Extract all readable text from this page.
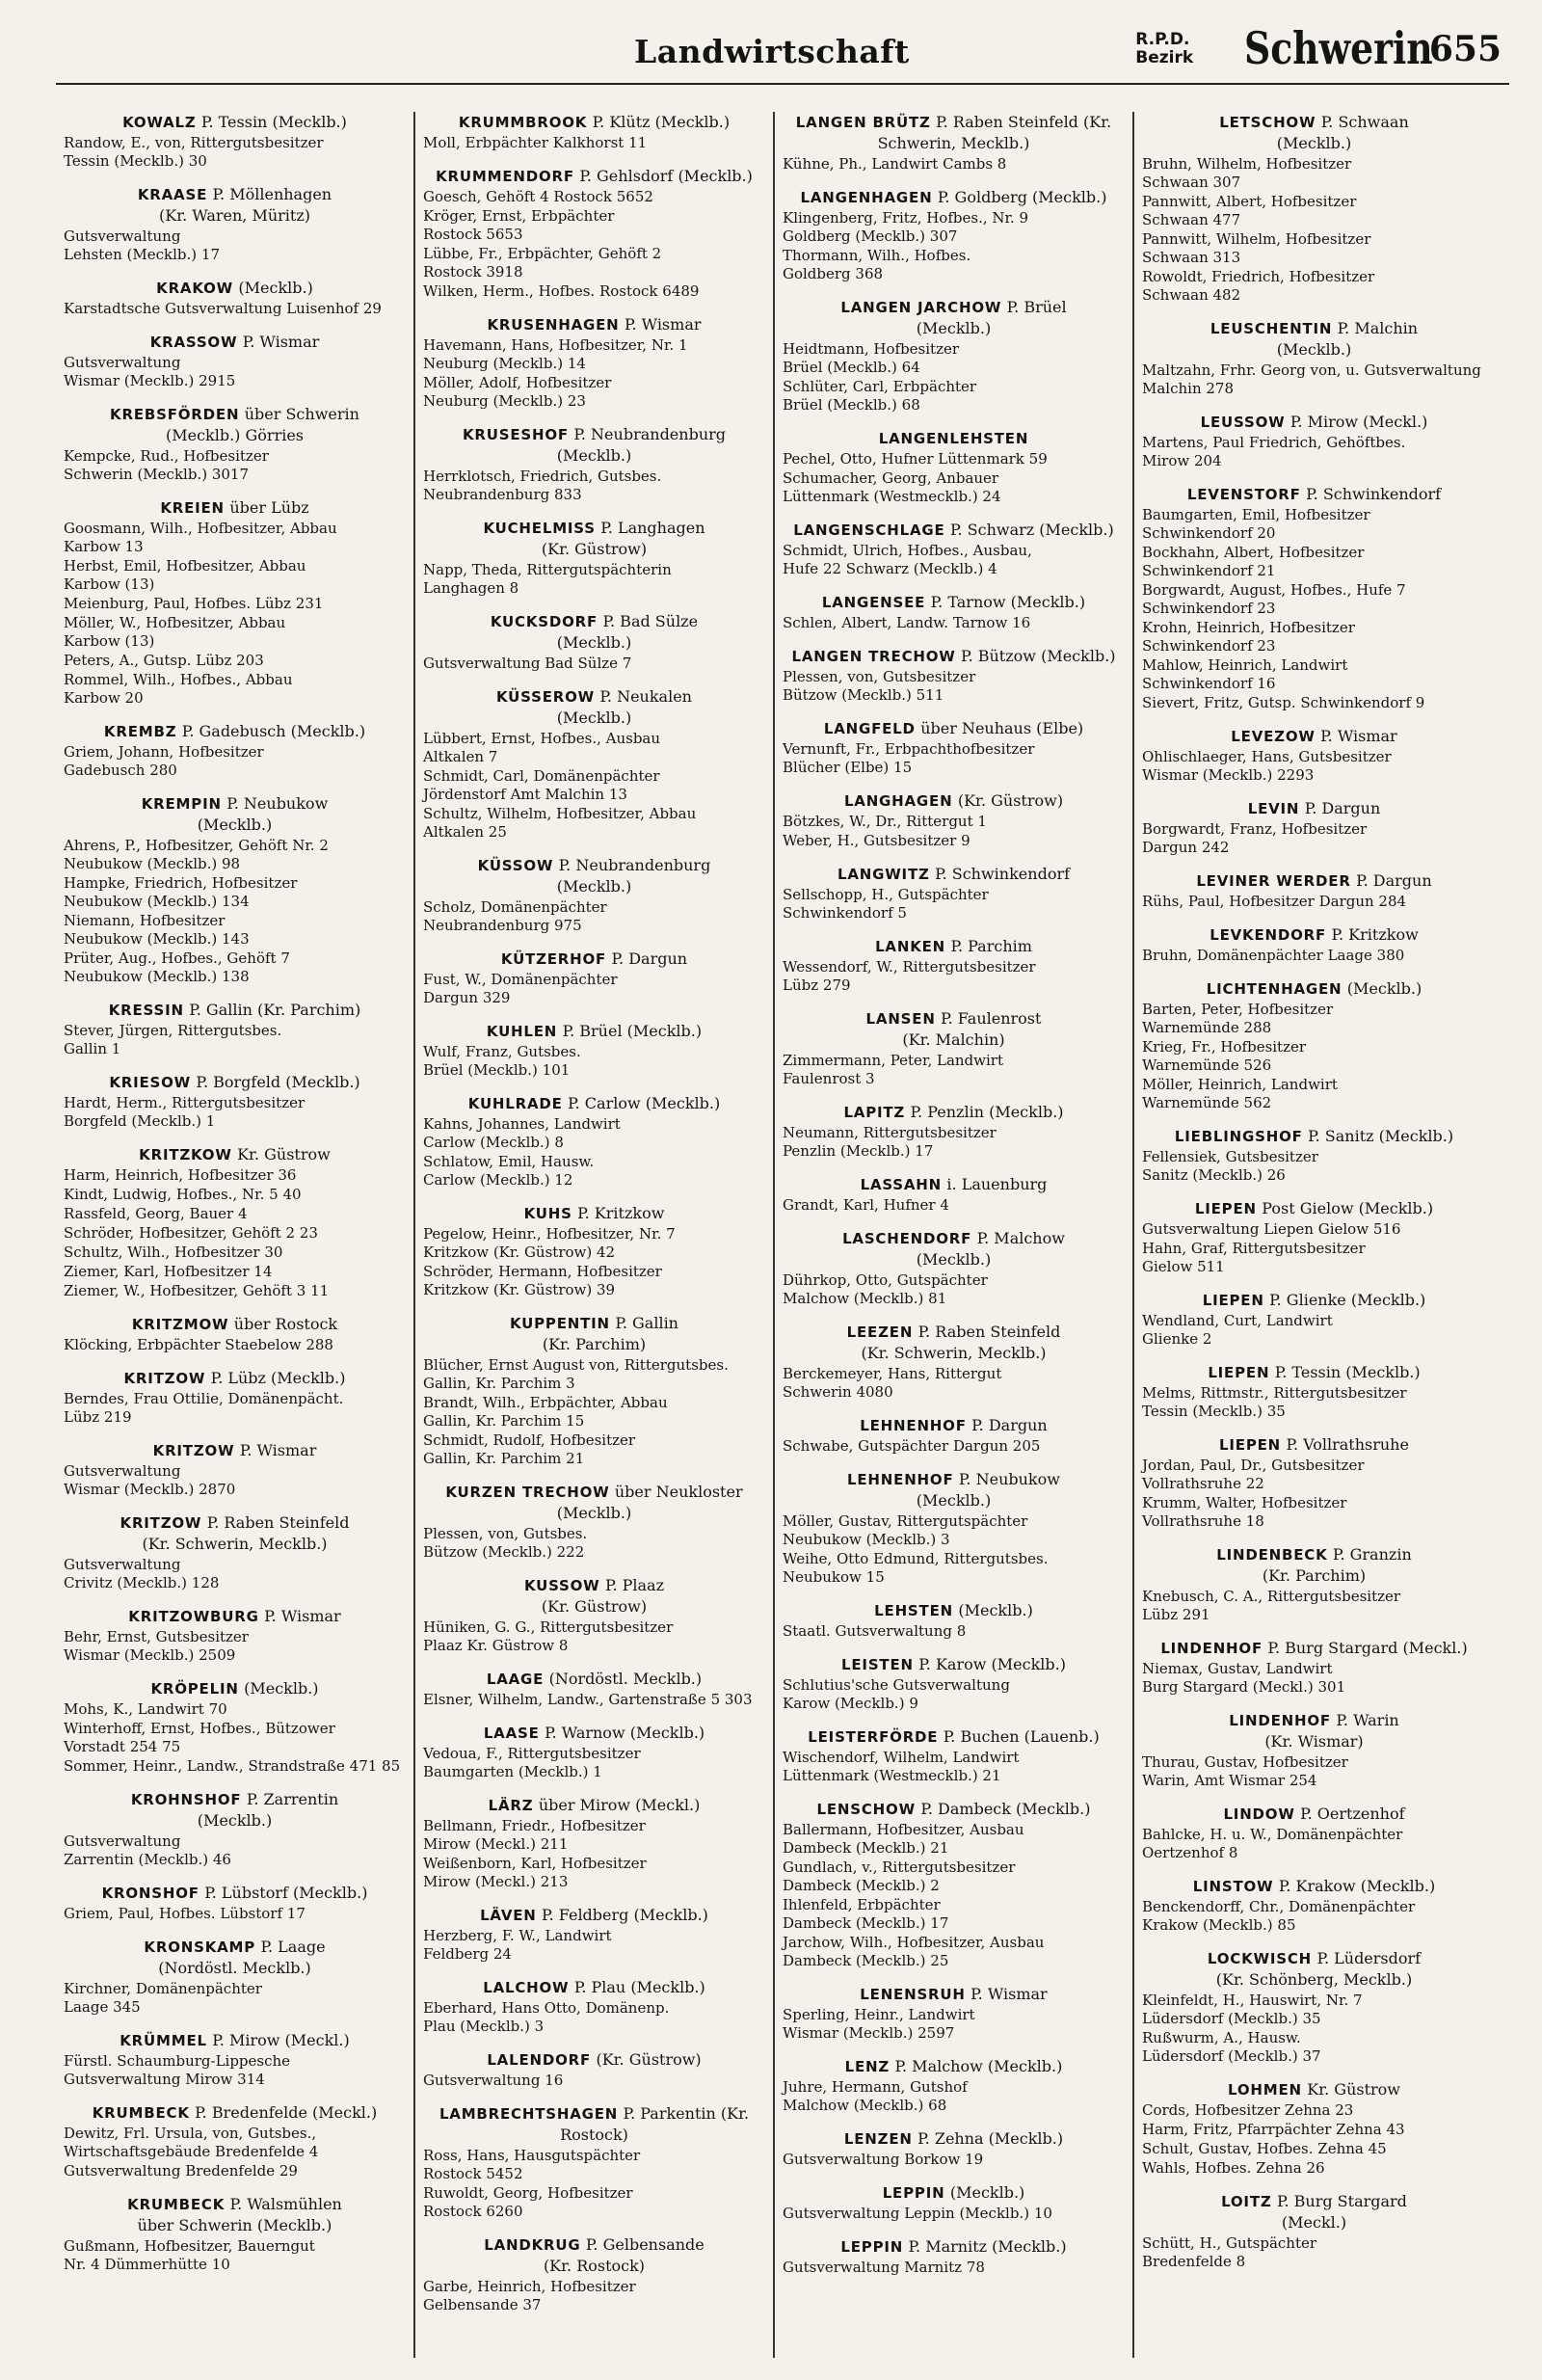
Landwirtschaft	R.P.D.
Bezirk Schwerin
655
KOWALZ P. Tessin (Mecklb.)
Randow, E., von, Rittergutsbesitzer
Tessin (Mecklb.) 30
KRAASE P. Möllenhagen
(Kr. Waren, Müritz)
Gutsverwaltung
Lehsten (Mecklb.) 17
KRAKOW (Mecklb.)
Karstadtsche Gutsverwaltung Luisenhof 29
KRASSOW P. Wismar
Gutsverwaltung
Wismar (Mecklb.) 2915
KREBSFÖRDEN über Schwerin
(Mecklb.) Görries
Kempcke, Rud., Hofbesitzer
Schwerin (Mecklb.) 3017
KREIEN über Lübz
Goosmann, Wilh., Hofbesitzer, Abbau
Karbow 13
Herbst, Emil, Hofbesitzer, Abbau
Karbow (13)
Meienburg, Paul, Hofbes. Lübz 231
Möller, W., Hofbesitzer, Abbau
Karbow (13)
Peters, A., Gutsp. Lübz 203
Rommel, Wilh., Hofbes., Abbau
Karbow 20
KREMBZ P. Gadebusch (Mecklb.)
Griem, Johann, Hofbesitzer
Gadebusch 280
KREMPIN P. Neubukow
(Mecklb.)
Ahrens, P., Hofbesitzer, Gehöft Nr. 2
Neubukow (Mecklb.) 98
Hampke, Friedrich, Hofbesitzer
Neubukow (Mecklb.) 134
Niemann, Hofbesitzer
Neubukow (Mecklb.) 143
Prüter, Aug., Hofbes., Gehöft 7
Neubukow (Mecklb.) 138
KRESSIN P. Gallin (Kr. Parchim)
Stever, Jürgen, Rittergutsbes.
Gallin 1
KRIESOW P. Borgfeld (Mecklb.)
Hardt, Herm., Rittergutsbesitzer
Borgfeld (Mecklb.) 1
KRITZKOW Kr. Güstrow
Harm, Heinrich, Hofbesitzer 36
Kindt, Ludwig, Hofbes., Nr. 5 40
Rassfeld, Georg, Bauer 4
Schröder, Hofbesitzer, Gehöft 2 23
Schultz, Wilh., Hofbesitzer 30
Ziemer, Karl, Hofbesitzer 14
Ziemer, W., Hofbesitzer, Gehöft 3 11
KRITZMOW über Rostock
Klöcking, Erbpächter Staebelow 288
KRITZOW P. Lübz (Mecklb.)
Berndes, Frau Ottilie, Domänenpächt.
Lübz 219
KRITZOW P. Wismar
Gutsverwaltung
Wismar (Mecklb.) 2870
KRITZOW P. Raben Steinfeld
(Kr. Schwerin, Mecklb.)
Gutsverwaltung
Crivitz (Mecklb.) 128
KRITZOWBURG P. Wismar
Behr, Ernst, Gutsbesitzer
Wismar (Mecklb.) 2509
KRÖPELIN (Mecklb.)
Mohs, K., Landwirt 70
Winterhoff, Ernst, Hofbes., Bützower
Vorstadt 254 75
Sommer, Heinr., Landw., Strandstraße 471 85
KROHNSHOF P. Zarrentin
(Mecklb.)
Gutsverwaltung
Zarrentin (Mecklb.) 46
KRONSHOF P. Lübstorf (Mecklb.)
Griem, Paul, Hofbes. Lübstorf 17
KRONSKAMP P. Laage
(Nordöstl. Mecklb.)
Kirchner, Domänenpächter
Laage 345
KRÜMMEL P. Mirow (Meckl.)
Fürstl. Schaumburg-Lippesche Gutsverwaltung Mirow 314
KRUMBECK P. Bredenfelde (Meckl.)
Dewitz, Frl. Ursula, von, Gutsbes., Wirtschaftsgebäude Bredenfelde 4
Gutsverwaltung Bredenfelde 29
KRUMBECK P. Walsmühlen
über Schwerin (Mecklb.)
Gußmann, Hofbesitzer, Bauerngut
Nr. 4 Dümmerhütte 10
KRUMMBROOK P. Klütz (Mecklb.)
Moll, Erbpächter Kalkhorst 11
KRUMMENDORF P. Gehlsdorf (Mecklb.)
Goesch, Gehöft 4 Rostock 5652
Kröger, Ernst, Erbpächter
Rostock 5653
Lübbe, Fr., Erbpächter, Gehöft 2
Rostock 3918
Wilken, Herm., Hofbes. Rostock 6489
KRUSENHAGEN P. Wismar
Havemann, Hans, Hofbesitzer, Nr. 1
Neuburg (Mecklb.) 14
Möller, Adolf, Hofbesitzer
Neuburg (Mecklb.) 23
KRUSESHOF P. Neubrandenburg (Mecklb.)
Herrklotsch, Friedrich, Gutsbes.
Neubrandenburg 833
KUCHELMISS P. Langhagen
(Kr. Güstrow)
Napp, Theda, Rittergutspächterin
Langhagen 8
KUCKSDORF P. Bad Sülze
(Mecklb.)
Gutsverwaltung Bad Sülze 7
KÜSSEROW P. Neukalen
(Mecklb.)
Lübbert, Ernst, Hofbes., Ausbau
Altkalen 7
Schmidt, Carl, Domänenpächter
Jördenstorf Amt Malchin 13
Schultz, Wilhelm, Hofbesitzer, Abbau
Altkalen 25
KÜSSOW P. Neubrandenburg
(Mecklb.)
Scholz, Domänenpächter
Neubrandenburg 975
KÜTZERHOF P. Dargun
Fust, W., Domänenpächter
Dargun 329
KUHLEN P. Brüel (Mecklb.)
Wulf, Franz, Gutsbes.
Brüel (Mecklb.) 101
KUHLRADE P. Carlow (Mecklb.)
Kahns, Johannes, Landwirt
Carlow (Mecklb.) 8
Schlatow, Emil, Hausw.
Carlow (Mecklb.) 12
KUHS P. Kritzkow
Pegelow, Heinr., Hofbesitzer, Nr. 7
Kritzkow (Kr. Güstrow) 42
Schröder, Hermann, Hofbesitzer
Kritzkow (Kr. Güstrow) 39
KUPPENTIN P. Gallin
(Kr. Parchim)
Blücher, Ernst August von, Rittergutsbes. Gallin, Kr. Parchim 3
Brandt, Wilh., Erbpächter, Abbau
Gallin, Kr. Parchim 15
Schmidt, Rudolf, Hofbesitzer
Gallin, Kr. Parchim 21
KURZEN TRECHOW über Neukloster (Mecklb.)
Plessen, von, Gutsbes.
Bützow (Mecklb.) 222
KUSSOW P. Plaaz
(Kr. Güstrow)
Hüniken, G. G., Rittergutsbesitzer
Plaaz Kr. Güstrow 8
LAAGE (Nordöstl. Mecklb.)
Elsner, Wilhelm, Landw., Gartenstraße 5 303
LAASE P. Warnow (Mecklb.)
Vedoua, F., Rittergutsbesitzer
Baumgarten (Mecklb.) 1
LÄRZ über Mirow (Meckl.)
Bellmann, Friedr., Hofbesitzer
Mirow (Meckl.) 211
Weißenborn, Karl, Hofbesitzer
Mirow (Meckl.) 213
LÄVEN P. Feldberg (Mecklb.)
Herzberg, F. W., Landwirt
Feldberg 24
LALCHOW P. Plau (Mecklb.)
Eberhard, Hans Otto, Domänenp.
Plau (Mecklb.) 3
LALENDORF (Kr. Güstrow)
Gutsverwaltung 16
LAMBRECHTSHAGEN P. Parkentin (Kr. Rostock)
Ross, Hans, Hausgutspächter
Rostock 5452
Ruwoldt, Georg, Hofbesitzer
Rostock 6260
LANDKRUG P. Gelbensande
(Kr. Rostock)
Garbe, Heinrich, Hofbesitzer
Gelbensande 37
LANGEN BRÜTZ P. Raben Steinfeld (Kr. Schwerin, Mecklb.)
Kühne, Ph., Landwirt Cambs 8
LANGENHAGEN P. Goldberg (Mecklb.)
Klingenberg, Fritz, Hofbes., Nr. 9
Goldberg (Mecklb.) 307
Thormann, Wilh., Hofbes.
Goldberg 368
LANGEN JARCHOW P. Brüel
(Mecklb.)
Heidtmann, Hofbesitzer
Brüel (Mecklb.) 64
Schlüter, Carl, Erbpächter
Brüel (Mecklb.) 68
LANGENLEHSTEN
Pechel, Otto, Hufner Lüttenmark 59
Schumacher, Georg, Anbauer
Lüttenmark (Westmecklb.) 24
LANGENSCHLAGE P. Schwarz (Mecklb.)
Schmidt, Ulrich, Hofbes., Ausbau,
Hufe 22 Schwarz (Mecklb.) 4
LANGENSEE P. Tarnow (Mecklb.)
Schlen, Albert, Landw. Tarnow 16
LANGEN TRECHOW P. Bützow (Mecklb.)
Plessen, von, Gutsbesitzer
Bützow (Mecklb.) 511
LANGFELD über Neuhaus (Elbe)
Vernunft, Fr., Erbpachthofbesitzer
Blücher (Elbe) 15
LANGHAGEN (Kr. Güstrow)
Bötzkes, W., Dr., Rittergut 1
Weber, H., Gutsbesitzer 9
LANGWITZ P. Schwinkendorf
Sellschopp, H., Gutspächter
Schwinkendorf 5
LANKEN P. Parchim
Wessendorf, W., Rittergutsbesitzer
Lübz 279
LANSEN P. Faulenrost
(Kr. Malchin)
Zimmermann, Peter, Landwirt
Faulenrost 3
LAPITZ P. Penzlin (Mecklb.)
Neumann, Rittergutsbesitzer
Penzlin (Mecklb.) 17
LASSAHN i. Lauenburg
Grandt, Karl, Hufner 4
LASCHENDORF P. Malchow
(Mecklb.)
Dührkop, Otto, Gutspächter
Malchow (Mecklb.) 81
LEEZEN P. Raben Steinfeld
(Kr. Schwerin, Mecklb.)
Berckemeyer, Hans, Rittergut
Schwerin 4080
LEHNENHOF P. Dargun
Schwabe, Gutspächter Dargun 205
LEHNENHOF P. Neubukow
(Mecklb.)
Möller, Gustav, Rittergutspächter
Neubukow (Mecklb.) 3
Weihe, Otto Edmund, Rittergutsbes.
Neubukow 15
LEHSTEN (Mecklb.)
Staatl. Gutsverwaltung 8
LEISTEN P. Karow (Mecklb.)
Schlutius'sche Gutsverwaltung
Karow (Mecklb.) 9
LEISTERFÖRDE P. Buchen (Lauenb.)
Wischendorf, Wilhelm, Landwirt
Lüttenmark (Westmecklb.) 21
LENSCHOW P. Dambeck (Mecklb.)
Ballermann, Hofbesitzer, Ausbau
Dambeck (Mecklb.) 21
Gundlach, v., Rittergutsbesitzer
Dambeck (Mecklb.) 2
Ihlenfeld, Erbpächter
Dambeck (Mecklb.) 17
Jarchow, Wilh., Hofbesitzer, Ausbau
Dambeck (Mecklb.) 25
LENENSRUH P. Wismar
Sperling, Heinr., Landwirt
Wismar (Mecklb.) 2597
LENZ P. Malchow (Mecklb.)
Juhre, Hermann, Gutshof
Malchow (Mecklb.) 68
LENZEN P. Zehna (Mecklb.)
Gutsverwaltung Borkow 19
LEPPIN (Mecklb.)
Gutsverwaltung Leppin (Mecklb.) 10
LEPPIN P. Marnitz (Mecklb.)
Gutsverwaltung Marnitz 78
LETSCHOW P. Schwaan
(Mecklb.)
Bruhn, Wilhelm, Hofbesitzer
Schwaan 307
Pannwitt, Albert, Hofbesitzer
Schwaan 477
Pannwitt, Wilhelm, Hofbesitzer
Schwaan 313
Rowoldt, Friedrich, Hofbesitzer
Schwaan 482
LEUSCHENTIN P. Malchin
(Mecklb.)
Maltzahn, Frhr. Georg von, u. Gutsverwaltung Malchin 278
LEUSSOW P. Mirow (Meckl.)
Martens, Paul Friedrich, Gehöftbes.
Mirow 204
LEVENSTORF P. Schwinkendorf
Baumgarten, Emil, Hofbesitzer
Schwinkendorf 20
Bockhahn, Albert, Hofbesitzer
Schwinkendorf 21
Borgwardt, August, Hofbes., Hufe 7
Schwinkendorf 23
Krohn, Heinrich, Hofbesitzer
Schwinkendorf 23
Mahlow, Heinrich, Landwirt
Schwinkendorf 16
Sievert, Fritz, Gutsp. Schwinkendorf 9
LEVEZOW P. Wismar
Ohlischlaeger, Hans, Gutsbesitzer
Wismar (Mecklb.) 2293
LEVIN P. Dargun
Borgwardt, Franz, Hofbesitzer
Dargun 242
LEVINER WERDER P. Dargun
Rühs, Paul, Hofbesitzer Dargun 284
LEVKENDORF P. Kritzkow
Bruhn, Domänenpächter Laage 380
LICHTENHAGEN (Mecklb.)
Barten, Peter, Hofbesitzer
Warnemünde 288
Krieg, Fr., Hofbesitzer
Warnemünde 526
Möller, Heinrich, Landwirt
Warnemünde 562
LIEBLINGSHOF P. Sanitz (Mecklb.)
Fellensiek, Gutsbesitzer
Sanitz (Mecklb.) 26
LIEPEN Post Gielow (Mecklb.)
Gutsverwaltung Liepen Gielow 516
Hahn, Graf, Rittergutsbesitzer
Gielow 511
LIEPEN P. Glienke (Mecklb.)
Wendland, Curt, Landwirt
Glienke 2
LIEPEN P. Tessin (Mecklb.)
Melms, Rittmstr., Rittergutsbesitzer
Tessin (Mecklb.) 35
LIEPEN P. Vollrathsruhe
Jordan, Paul, Dr., Gutsbesitzer
Vollrathsruhe 22
Krumm, Walter, Hofbesitzer
Vollrathsruhe 18
LINDENBECK P. Granzin
(Kr. Parchim)
Knebusch, C. A., Rittergutsbesitzer
Lübz 291
LINDENHOF P. Burg Stargard (Meckl.)
Niemax, Gustav, Landwirt
Burg Stargard (Meckl.) 301
LINDENHOF P. Warin
(Kr. Wismar)
Thurau, Gustav, Hofbesitzer
Warin, Amt Wismar 254
LINDOW P. Oertzenhof
Bahlcke, H. u. W., Domänenpächter
Oertzenhof 8
LINSTOW P. Krakow (Mecklb.)
Benckendorff, Chr., Domänenpächter
Krakow (Mecklb.) 85
LOCKWISCH P. Lüdersdorf
(Kr. Schönberg, Mecklb.)
Kleinfeldt, H., Hauswirt, Nr. 7
Lüdersdorf (Mecklb.) 35
Rußwurm, A., Hausw.
Lüdersdorf (Mecklb.) 37
LOHMEN Kr. Güstrow
Cords, Hofbesitzer Zehna 23
Harm, Fritz, Pfarrpächter Zehna 43
Schult, Gustav, Hofbes. Zehna 45
Wahls, Hofbes. Zehna 26
LOITZ P. Burg Stargard
(Meckl.)
Schütt, H., Gutspächter
Bredenfelde 8
